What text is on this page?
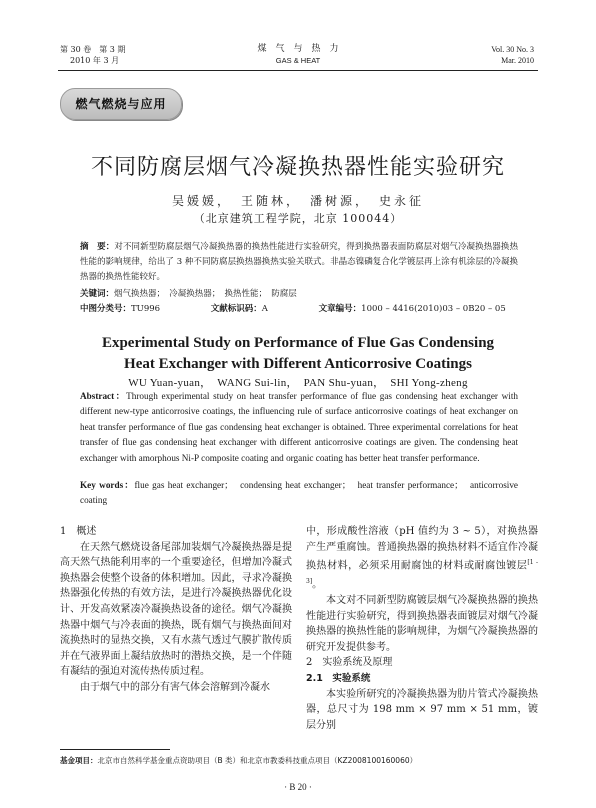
第 30 卷　第 3 期
2010 年 3 月
煤　气　与　热　力
GAS & HEAT
Vol. 30 No. 3
Mar. 2010
燃气燃烧与应用
不同防腐层烟气冷凝换热器性能实验研究
吴媛媛，　王随林，　潘树源，　史永征
（北京建筑工程学院，北京 100044）
摘　要：对不同新型防腐层烟气冷凝换热器的换热性能进行实验研究，得到换热器表面防腐层对烟气冷凝换热器换热性能的影响规律，给出了 3 种不同防腐层换热器换热实验关联式。非晶态镍磷复合化学镀层再上涂有机涂层的冷凝换热器的换热性能较好。
关键词：烟气换热器；　冷凝换热器；　换热性能；　防腐层
中图分类号：TU996	文献标识码：A	文章编号：1000 – 4416(2010)03 – 0B20 – 05
Experimental Study on Performance of Flue Gas Condensing
Heat Exchanger with Different Anticorrosive Coatings
WU Yuan-yuan，　WANG Sui-lin，　PAN Shu-yuan，　SHI Yong-zheng
Abstract：Through experimental study on heat transfer performance of flue gas condensing heat exchanger with different new-type anticorrosive coatings, the influencing rule of surface anticorrosive coatings of heat exchanger on heat transfer performance of flue gas condensing heat exchanger is obtained. Three experimental correlations for heat transfer of flue gas condensing heat exchanger with different anticorrosive coatings are given. The condensing heat exchanger with amorphous Ni-P composite coating and organic coating has better heat transfer performance.
Key words：flue gas heat exchanger；　condensing heat exchanger；　heat transfer performance；　anticorrosive coating

1　概述

在天然气燃烧设备尾部加装烟气冷凝换热器是提高天然气热能利用率的一个重要途径，但增加冷凝式换热器会使整个设备的体积增加。因此，寻求冷凝换热器强化传热的有效方法，是进行冷凝换热器优化设计、开发高效紧凑冷凝换热设备的途径。烟气冷凝换热器中烟气与冷表面的换热，既有烟气与换热面间对流换热时的显热交换，又有水蒸气透过气膜扩散传质并在气液界面上凝结放热时的潜热交换，是一个伴随有凝结的强迫对流传热传质过程。

由于烟气中的部分有害气体会溶解到冷凝水

中，形成酸性溶液（pH 值约为 3 ~ 5），对换热器产生严重腐蚀。普通换热器的换热材料不适宜作冷凝换热材料，必须采用耐腐蚀的材料或耐腐蚀镀层[1 - 3]。

本文对不同新型防腐镀层烟气冷凝换热器的换热性能进行实验研究，得到换热器表面镀层对烟气冷凝换热器的换热性能的影响规律，为烟气冷凝换热器的研究开发提供参考。

2　实验系统及原理

2.1　实验系统

本实验所研究的冷凝换热器为肋片管式冷凝换热器，总尺寸为 198 mm × 97 mm × 51 mm，镀层分别

基金项目：北京市自然科学基金重点资助项目（B 类）和北京市教委科技重点项目（KZ2008100160060）
· B 20 ·
